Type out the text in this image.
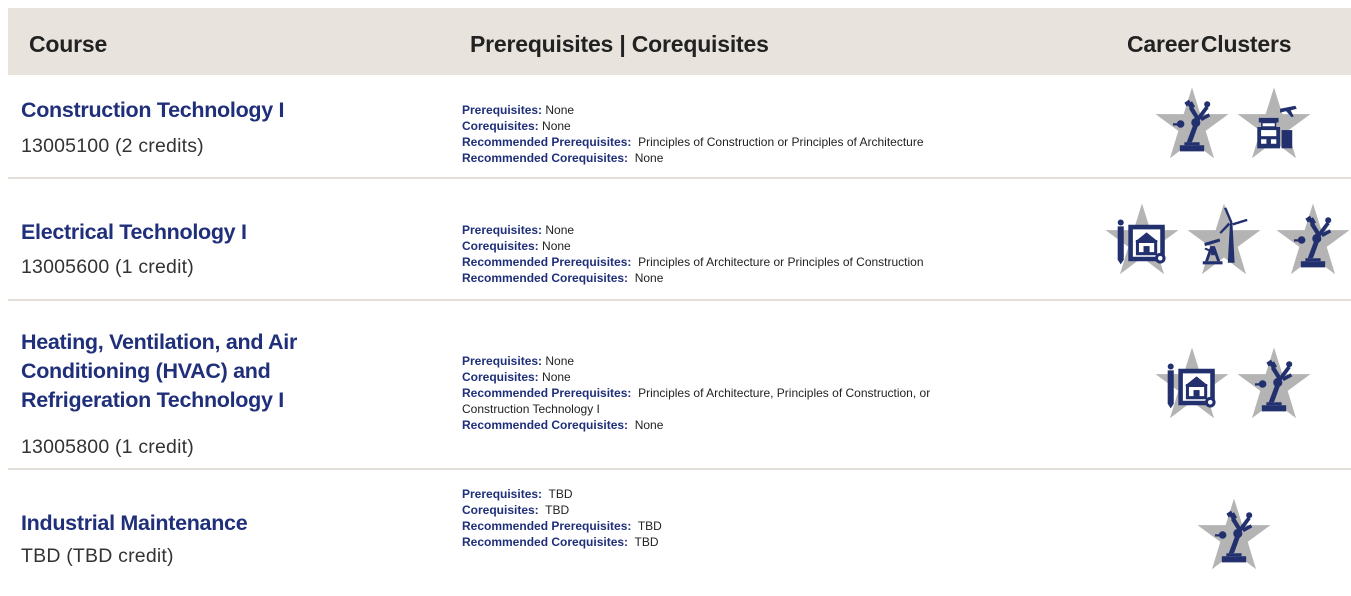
Course	Prerequisites | Corequisites	Career Clusters
Construction Technology I
13005100 (2 credits)
Prerequisites: None
Corequisites: None
Recommended Prerequisites: Principles of Construction or Principles of Architecture
Recommended Corequisites: None
Electrical Technology I
13005600 (1 credit)
Prerequisites: None
Corequisites: None
Recommended Prerequisites: Principles of Architecture or Principles of Construction
Recommended Corequisites: None
Heating, Ventilation, and Air
Conditioning (HVAC) and
Refrigeration Technology I
13005800 (1 credit)
Prerequisites: None
Corequisites: None
Recommended Prerequisites: Principles of Architecture, Principles of Construction, or
Construction Technology I
Recommended Corequisites: None
Industrial Maintenance
TBD (TBD credit)
Prerequisites: TBD
Corequisites: TBD
Recommended Prerequisites: TBD
Recommended Corequisites: TBD
